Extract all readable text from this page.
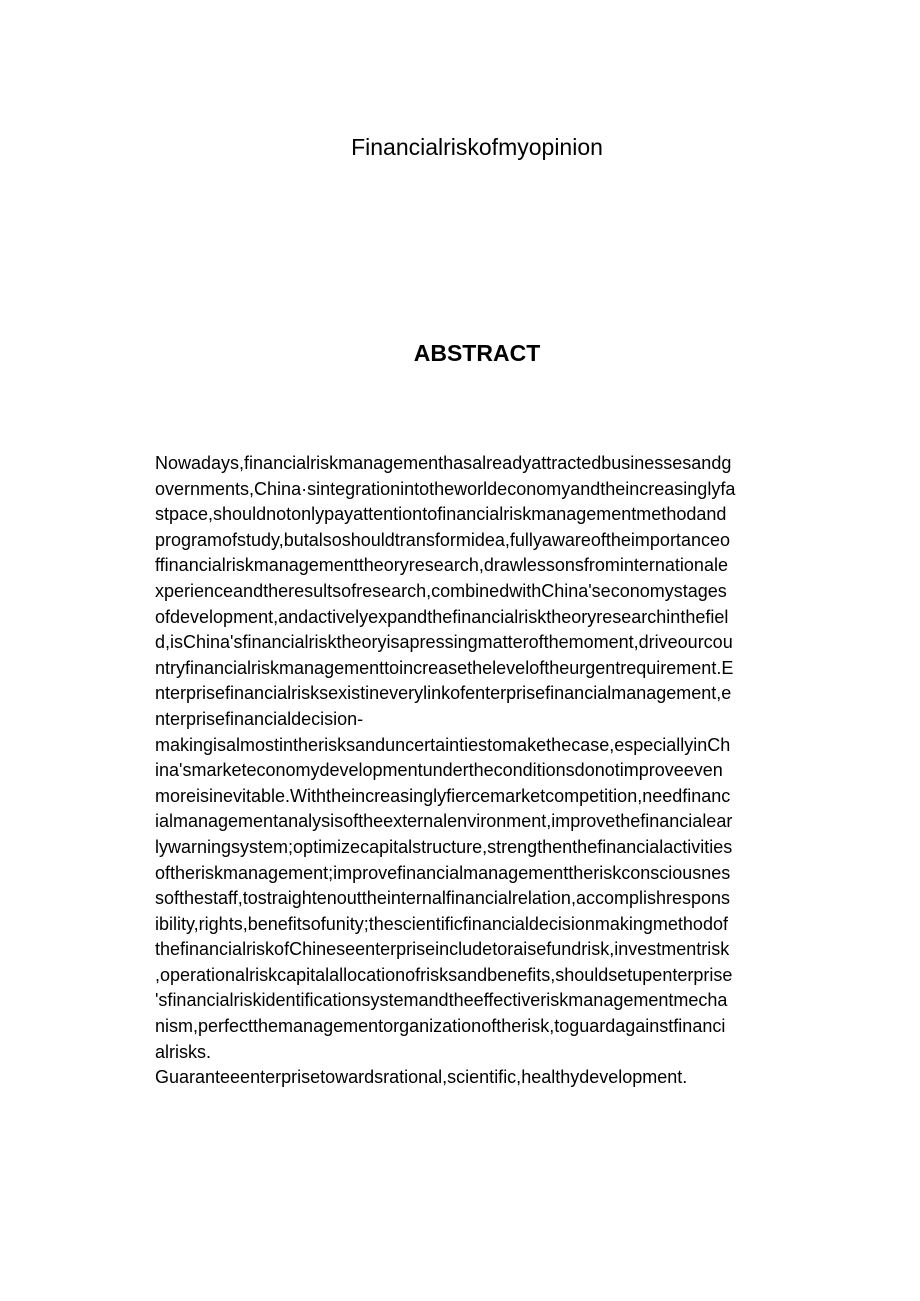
Financialriskofmyopinion
ABSTRACT
Nowadays,financialriskmanagementhasalreadyattractedbusinessesandg
overnments,China·sintegrationintotheworldeconomyandtheincreasinglyfa
stpace,shouldnotonlypayattentiontofinancialriskmanagementmethodand
programofstudy,butalsoshouldtransformidea,fullyawareoftheimportanceo
ffinancialriskmanagementtheoryresearch,drawlessonsfrominternationale
xperienceandtheresultsofresearch,combinedwithChina'seconomystages
ofdevelopment,andactivelyexpandthefinancialrisktheoryresearchinthefiel
d,isChina'sfinancialrisktheoryisapressingmatterofthemoment,driveourcou
ntryfinancialriskmanagementtoincreasetheleveloftheurgentrequirement.E
nterprisefinancialrisksexistineverylinkofenterprisefinancialmanagement,e
nterprisefinancialdecision-
makingisalmostintherisksanduncertaintiestomakethecase,especiallyinCh
ina'smarketeconomydevelopmentundertheconditionsdonotimproveeven
moreisinevitable.Withtheincreasinglyfiercemarketcompetition,needfinanc
ialmanagementanalysisoftheexternalenvironment,improvethefinancialear
lywarningsystem;optimizecapitalstructure,strengthenthefinancialactivities
oftheriskmanagement;improvefinancialmanagementtheriskconsciousnes
softhestaff,tostraightenouttheinternalfinancialrelation,accomplishrespons
ibility,rights,benefitsofunity;thescientificfinancialdecisionmakingmethodof
thefinancialriskofChineseenterpriseincludetoraisefundrisk,investmentrisk
,operationalriskcapitalallocationofrisksandbenefits,shouldsetupenterprise
'sfinancialriskidentificationsystemandtheeffectiveriskmanagementmecha
nism,perfectthemanagementorganizationoftherisk,toguardagainstfinanci
alrisks.
Guaranteeenterprisetowardsrational,scientific,healthydevelopment.
